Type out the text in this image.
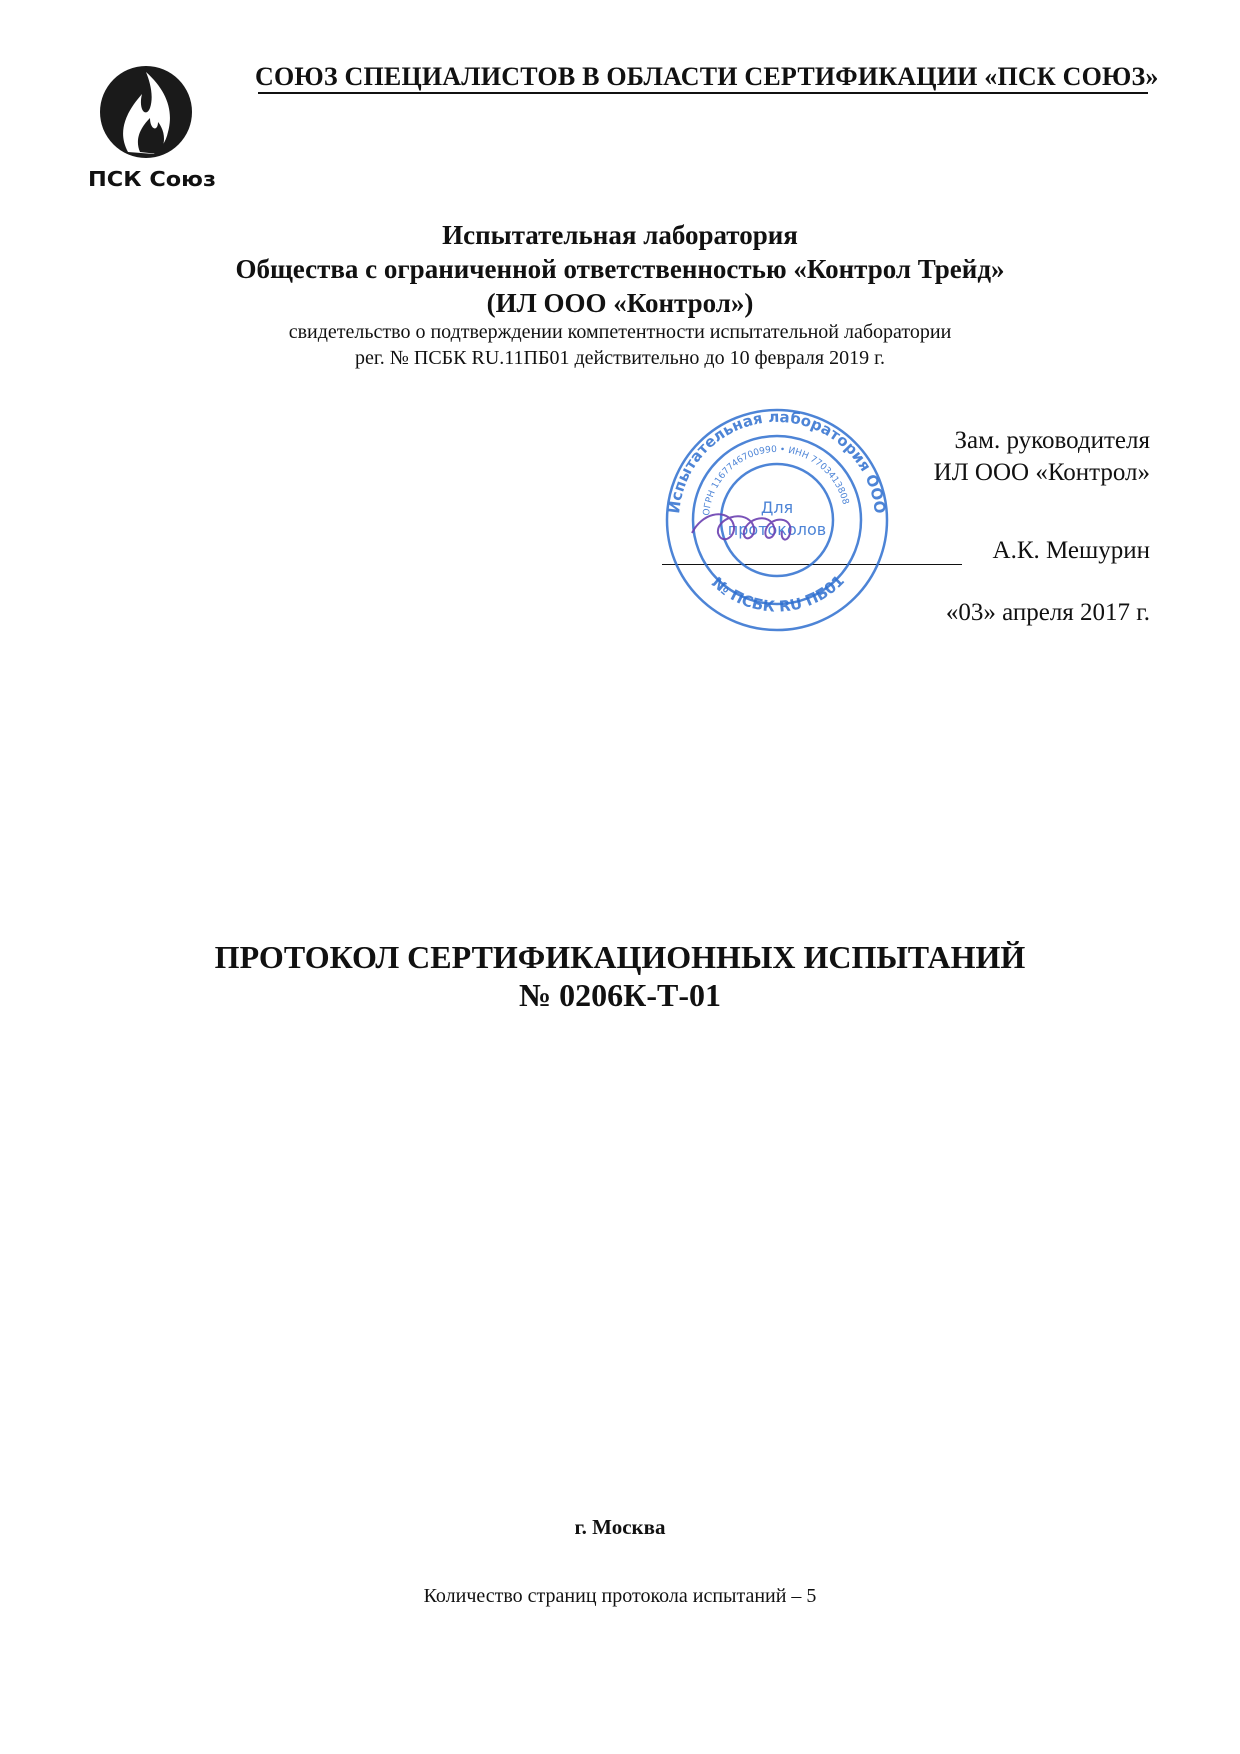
ПСК Союз
СОЮЗ СПЕЦИАЛИСТОВ В ОБЛАСТИ СЕРТИФИКАЦИИ «ПСК СОЮЗ»
Испытательная лаборатория
Общества с ограниченной ответственностью «Контрол Трейд»
(ИЛ ООО «Контрол»)
свидетельство о подтверждении компетентности испытательной лаборатории
рег. № ПСБК RU.11ПБ01 действительно до 10 февраля 2019 г.
Зам. руководителя
ИЛ ООО «Контрол»
А.К. Мешурин
«03» апреля 2017 г.
Испытательная лаборатория ООО
№ ПСБК RU ПБ01
ОГРН 1167746700990 • ИНН 7703413808
Для
протоколов
ПРОТОКОЛ СЕРТИФИКАЦИОННЫХ ИСПЫТАНИЙ
№ 0206К-Т-01
г. Москва
Количество страниц протокола испытаний – 5
